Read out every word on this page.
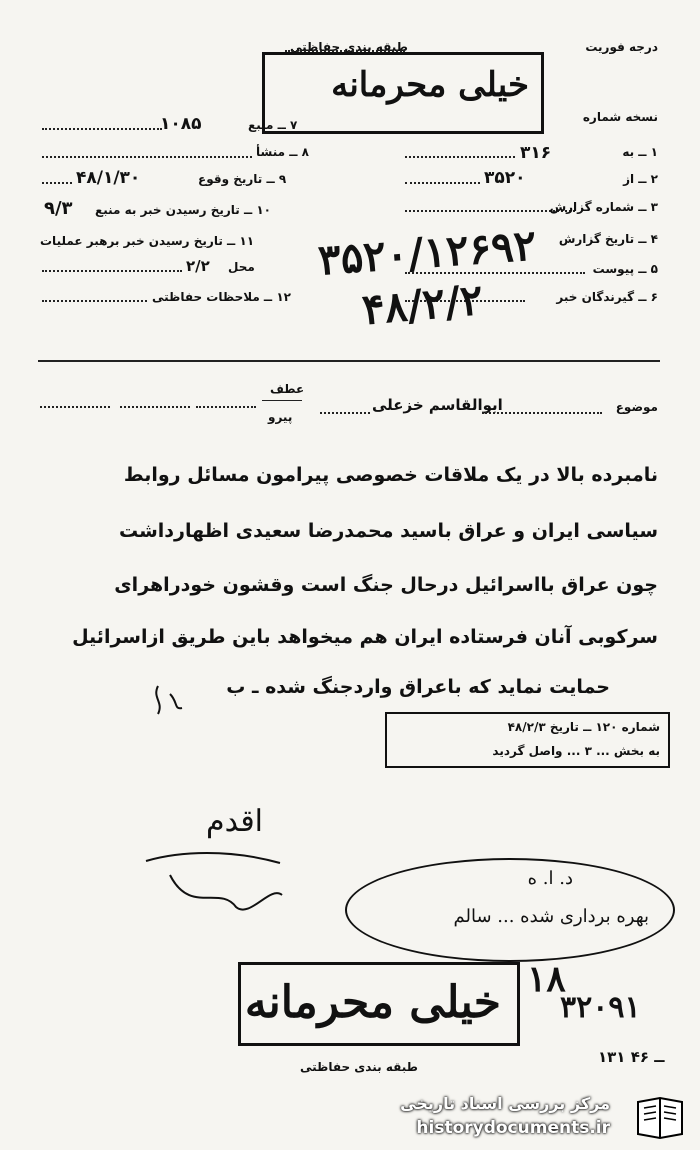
درجه فوریت
طبقه بندی حفاظتی
خیلی محرمانه
نسخه شماره
۱۰۸۵	۷ ــ منبع
۸ ــ منشأ
۴۸/۱/۳۰	۹ ــ تاریخ وقوع
۹/۳ ۱۰ ــ تاریخ رسیدن خبر به منبع
۱۱ ــ تاریخ رسیدن خبر برهبر عملیات
۲/۲ محل
۱۲ ــ ملاحظات حفاظتی
۳۱۶	۱ ــ به
۳۵۲۰	۲ ــ از
۳ ــ شماره گزارش
۴ ــ تاریخ گزارش
۵ ــ پیوست
۶ ــ گیرندگان خبر
۳۵۲۰/۱۲۶۹۲
۴۸/۲/۲
موضوع
ابوالقاسم خزعلی
عطف
پیرو
نامبرده بالا در یک ملاقات خصوصی پیرامون مسائل روابط
سیاسی ایران و عراق باسید محمدرضا سعیدی اظهارداشت
چون عراق بااسرائیل درحال جنگ است وقشون خودراهرای
سرکوبی آنان فرستاده ایران هم میخواهد باین طریق ازاسرائیل
حمایت نماید که باعراق واردجنگ شده ـ ب
شماره ۱۲۰ ــ تاریخ ۴۸/۲/۳
به بخش ... ۳ ... واصل گردید
اقدم
د. ا. ه
بهره برداری شده ... سالم
خیلی محرمانه ۱۸
۳۲۰۹۱
۱۳۱ ــ ۴۶
طبقه بندی حفاظتی
مرکز بررسی اسناد تاریخی
historydocuments.ir
